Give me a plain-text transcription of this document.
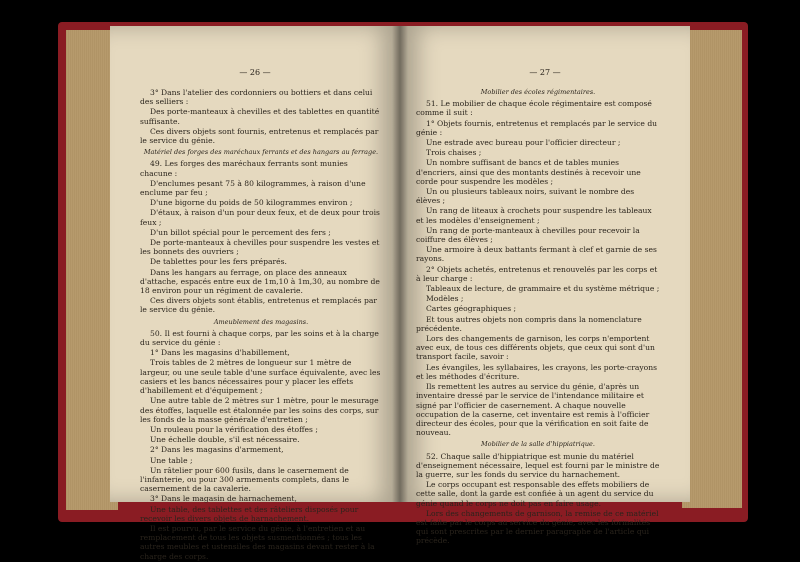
— 26 —
3° Dans l'atelier des cordonniers ou bottiers et dans celui des selliers :
Des porte-manteaux à chevilles et des tablettes en quantité suffisante.
Ces divers objets sont fournis, entretenus et remplacés par le service du génie.
Matériel des forges des maréchaux ferrants et des hangars au ferrage.
49. Les forges des maréchaux ferrants sont munies chacune :
D'enclumes pesant 75 à 80 kilogrammes, à raison d'une enclume par feu ;
D'une bigorne du poids de 50 kilogrammes environ ;
D'étaux, à raison d'un pour deux feux, et de deux pour trois feux ;
D'un billot spécial pour le percement des fers ;
De porte-manteaux à chevilles pour suspendre les vestes et les bonnets des ouvriers ;
De tablettes pour les fers préparés.
Dans les hangars au ferrage, on place des anneaux d'attache, espacés entre eux de 1m,10 à 1m,30, au nombre de 18 environ pour un régiment de cavalerie.
Ces divers objets sont établis, entretenus et remplacés par le service du génie.
Ameublement des magasins.
50. Il est fourni à chaque corps, par les soins et à la charge du service du génie :
1° Dans les magasins d'habillement,
Trois tables de 2 mètres de longueur sur 1 mètre de largeur, ou une seule table d'une surface équivalente, avec les casiers et les bancs nécessaires pour y placer les effets d'habillement et d'équipement ;
Une autre table de 2 mètres sur 1 mètre, pour le mesurage des étoffes, laquelle est étalonnée par les soins des corps, sur les fonds de la masse générale d'entretien ;
Un rouleau pour la vérification des étoffes ;
Une échelle double, s'il est nécessaire.
2° Dans les magasins d'armement,
Une table ;
Un râtelier pour 600 fusils, dans le casernement de l'infanterie, ou pour 300 armements complets, dans le casernement de la cavalerie.
3° Dans le magasin de harnachement,
Une table, des tablettes et des râteliers disposés pour recevoir les divers objets de harnachement.
Il est pourvu, par le service du génie, à l'entretien et au remplacement de tous les objets susmentionnés ; tous les autres meubles et ustensiles des magasins devant rester à la charge des corps.
— 27 —
Mobilier des écoles régimentaires.
51. Le mobilier de chaque école régimentaire est composé comme il suit :
1° Objets fournis, entretenus et remplacés par le service du génie :
Une estrade avec bureau pour l'officier directeur ;
Trois chaises ;
Un nombre suffisant de bancs et de tables munies d'encriers, ainsi que des montants destinés à recevoir une corde pour suspendre les modèles ;
Un ou plusieurs tableaux noirs, suivant le nombre des élèves ;
Un rang de liteaux à crochets pour suspendre les tableaux et les modèles d'enseignement ;
Un rang de porte-manteaux à chevilles pour recevoir la coiffure des élèves ;
Une armoire à deux battants fermant à clef et garnie de ses rayons.
2° Objets achetés, entretenus et renouvelés par les corps et à leur charge :
Tableaux de lecture, de grammaire et du système métrique ;
Modèles ;
Cartes géographiques ;
Et tous autres objets non compris dans la nomenclature précédente.
Lors des changements de garnison, les corps n'emportent avec eux, de tous ces différents objets, que ceux qui sont d'un transport facile, savoir :
Les évangiles, les syllabaires, les crayons, les porte-crayons et les méthodes d'écriture.
Ils remettent les autres au service du génie, d'après un inventaire dressé par le service de l'intendance militaire et signé par l'officier de casernement. A chaque nouvelle occupation de la caserne, cet inventaire est remis à l'officier directeur des écoles, pour que la vérification en soit faite de nouveau.
Mobilier de la salle d'hippiatrique.
52. Chaque salle d'hippiatrique est munie du matériel d'enseignement nécessaire, lequel est fourni par le ministre de la guerre, sur les fonds du service du harnachement.
Le corps occupant est responsable des effets mobiliers de cette salle, dont la garde est confiée à un agent du service du génie quand le corps ne doit pas en faire usage.
Lors des changements de garnison, la remise de ce matériel est faite par le corps au service du génie, avec les formalités qui sont prescrites par le dernier paragraphe de l'article qui précède.
